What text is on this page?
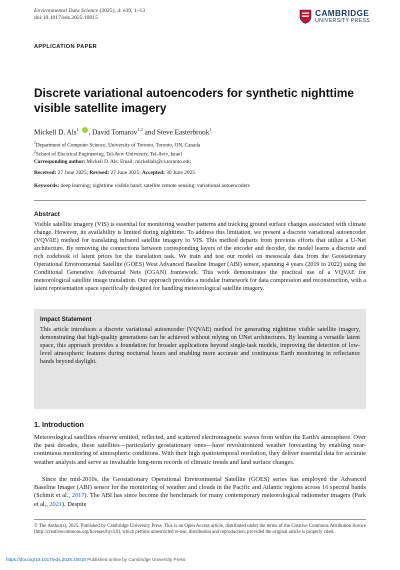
Environmental Data Science (2025), 4: e39, 1–13
doi:10.1017/eds.2025.10015	CAMBRIDGE
UNIVERSITY PRESS
APPLICATION PAPER
Discrete variational autoencoders for synthetic nighttime visible satellite imagery
Mickell D. Als$^1$ , David Tomarov$^{1,2}$ and Steve Easterbrook$^1$
$^1$Department of Computer Science, University of Toronto, Toronto, ON, Canada
$^2$School of Electrical Engineering, Tel-Aviv University, Tel-Aviv, Israel
Corresponding author: Mickell D. Als; Email: mickellals@cs.toronto.edu
Received: 27 June 2025; Revised: 27 June 2025; Accepted: 30 June 2025
Keywords: deep learning; nighttime visible band; satellite remote sensing; variational autoencoders
Abstract
Visible satellite imagery (VIS) is essential for monitoring weather patterns and tracking ground surface changes associated with climate change. However, its availability is limited during nighttime. To address this limitation, we present a discrete variational autoencoder (VQVAE) method for translating infrared satellite imagery to VIS. This method departs from previous efforts that utilize a U-Net architecture. By removing the connections between corresponding layers of the encoder and decoder, the model learns a discrete and rich codebook of latent priors for the translation task. We train and test our model on mesoscale data from the Geostationary Operational Environmental Satellite (GOES) West Advanced Baseline Imager (ABI) sensor, spanning 4 years (2019 to 2022) using the Conditional Generative Adversarial Nets (CGAN) framework. This work demonstrates the practical use of a VQVAE for meteorological satellite image translation. Our approach provides a modular framework for data compression and reconstruction, with a latent representation space specifically designed for handling meteorological satellite imagery.
Impact Statement
This article introduces a discrete variational autoencoder (VQVAE) method for generating nighttime visible satellite imagery, demonstrating that high-quality generations can be achieved without relying on UNet architectures. By learning a versatile latent space, this approach provides a foundation for broader applications beyond single-task models, improving the detection of low-level atmospheric features during nocturnal hours and enabling more accurate and continuous Earth monitoring in reflectance bands beyond daylight.
1. Introduction
Meteorological satellites observe emitted, reflected, and scattered electromagnetic waves from within the Earth's atmosphere. Over the past decades, these satellites—particularly geostationary ones—have revolutionized weather forecasting by enabling near-continuous monitoring of atmospheric conditions. With their high spatiotemporal resolution, they deliver essential data for accurate weather analysis and serve as invaluable long-term records of climatic trends and land surface changes.
Since the mid-2010s, the Geostationary Operational Environmental Satellite (GOES) series has employed the Advanced Baseline Imager (ABI) sensor for the monitoring of weather and clouds in the Pacific and Atlantic regions across 16 spectral bands (Schmit et al., 2017). The ABI has since become the benchmark for many contemporary meteorological radiometer imagers (Park et al., 2021). Despite
© The Author(s), 2025. Published by Cambridge University Press. This is an Open Access article, distributed under the terms of the Creative Commons Attribution licence (http://creativecommons.org/licenses/by/4.0), which permits unrestricted re-use, distribution and reproduction, provided the original article is properly cited.
https://doi.org/10.1017/eds.2025.10015 Published online by Cambridge University Press
